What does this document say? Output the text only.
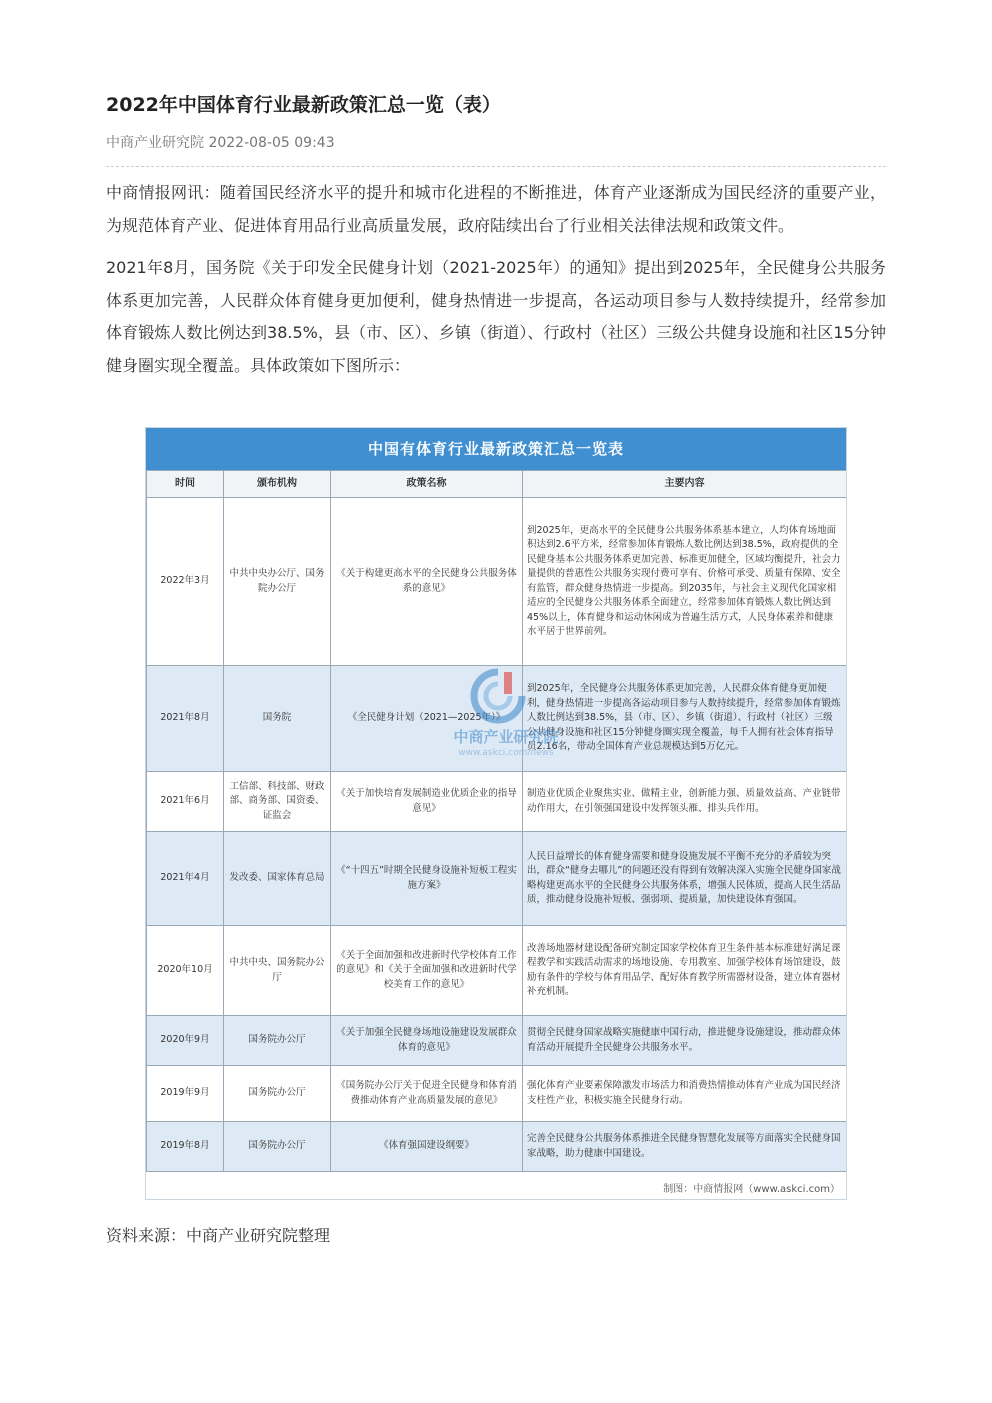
2022年中国体育行业最新政策汇总一览（表）
中商产业研究院 2022-08-05 09:43

中商情报网讯：随着国民经济水平的提升和城市化进程的不断推进，体育产业逐渐成为国民经济的重要产业，为规范体育产业、促进体育用品行业高质量发展，政府陆续出台了行业相关法律法规和政策文件。

2021年8月，国务院《关于印发全民健身计划（2021-2025年）的通知》提出到2025年，全民健身公共服务体系更加完善，人民群众体育健身更加便利，健身热情进一步提高，各运动项目参与人数持续提升，经常参加体育锻炼人数比例达到38.5%，县（市、区）、乡镇（街道）、行政村（社区）三级公共健身设施和社区15分钟健身圈实现全覆盖。具体政策如下图所示：

中国有体育行业最新政策汇总一览表
时间	颁布机构	政策名称	主要内容
2022年3月	中共中央办公厅、国务院办公厅	《关于构建更高水平的全民健身公共服务体系的意见》	到2025年，更高水平的全民健身公共服务体系基本建立，人均体育场地面积达到2.6平方米，经常参加体育锻炼人数比例达到38.5%，政府提供的全民健身基本公共服务体系更加完善、标准更加健全，区域均衡提升，社会力量提供的普惠性公共服务实现付费可享有、价格可承受、质量有保障、安全有监管，群众健身热情进一步提高。到2035年，与社会主义现代化国家相适应的全民健身公共服务体系全面建立，经常参加体育锻炼人数比例达到45%以上，体育健身和运动休闲成为普遍生活方式，人民身体素养和健康水平居于世界前列。
2021年8月	国务院	《全民健身计划（2021—2025年）》	到2025年，全民健身公共服务体系更加完善，人民群众体育健身更加便利，健身热情进一步提高各运动项目参与人数持续提升，经常参加体育锻炼人数比例达到38.5%，县（市、区）、乡镇（街道）、行政村（社区）三级公共健身设施和社区15分钟健身圈实现全覆盖，每千人拥有社会体育指导员2.16名，带动全国体育产业总规模达到5万亿元。
2021年6月	工信部、科技部、财政部、商务部、国资委、证监会	《关于加快培育发展制造业优质企业的指导意见》	制造业优质企业聚焦实业、做精主业，创新能力强、质量效益高、产业链带动作用大，在引领强国建设中发挥领头雁、排头兵作用。
2021年4月	发改委、国家体育总局	《“十四五”时期全民健身设施补短板工程实施方案》	人民日益增长的体育健身需要和健身设施发展不平衡不充分的矛盾较为突出，群众“健身去哪儿”的问题还没有得到有效解决深入实施全民健身国家战略构建更高水平的全民健身公共服务体系，增强人民体质，提高人民生活品质，推动健身设施补短板、强弱项、提质量，加快建设体育强国。
2020年10月	中共中央、国务院办公厅	《关于全面加强和改进新时代学校体育工作的意见》和《关于全面加强和改进新时代学校美育工作的意见》	改善场地器材建设配备研究制定国家学校体育卫生条件基本标准建好满足课程教学和实践活动需求的场地设施、专用教室、加强学校体育场馆建设，鼓励有条件的学校与体育用品学、配好体育教学所需器材设备，建立体育器材补充机制。
2020年9月	国务院办公厅	《关于加强全民健身场地设施建设发展群众体育的意见》	贯彻全民健身国家战略实施健康中国行动，推进健身设施建设，推动群众体育活动开展提升全民健身公共服务水平。
2019年9月	国务院办公厅	《国务院办公厅关于促进全民健身和体育消费推动体育产业高质量发展的意见》	强化体育产业要素保障激发市场活力和消费热情推动体育产业成为国民经济支柱性产业，积极实施全民健身行动。
2019年8月	国务院办公厅	《体育强国建设纲要》	完善全民健身公共服务体系推进全民健身智慧化发展等方面落实全民健身国家战略，助力健康中国建设。
中商产业研究院
www.askci.com/news
制图：中商情报网（www.askci.com）
资料来源：中商产业研究院整理
